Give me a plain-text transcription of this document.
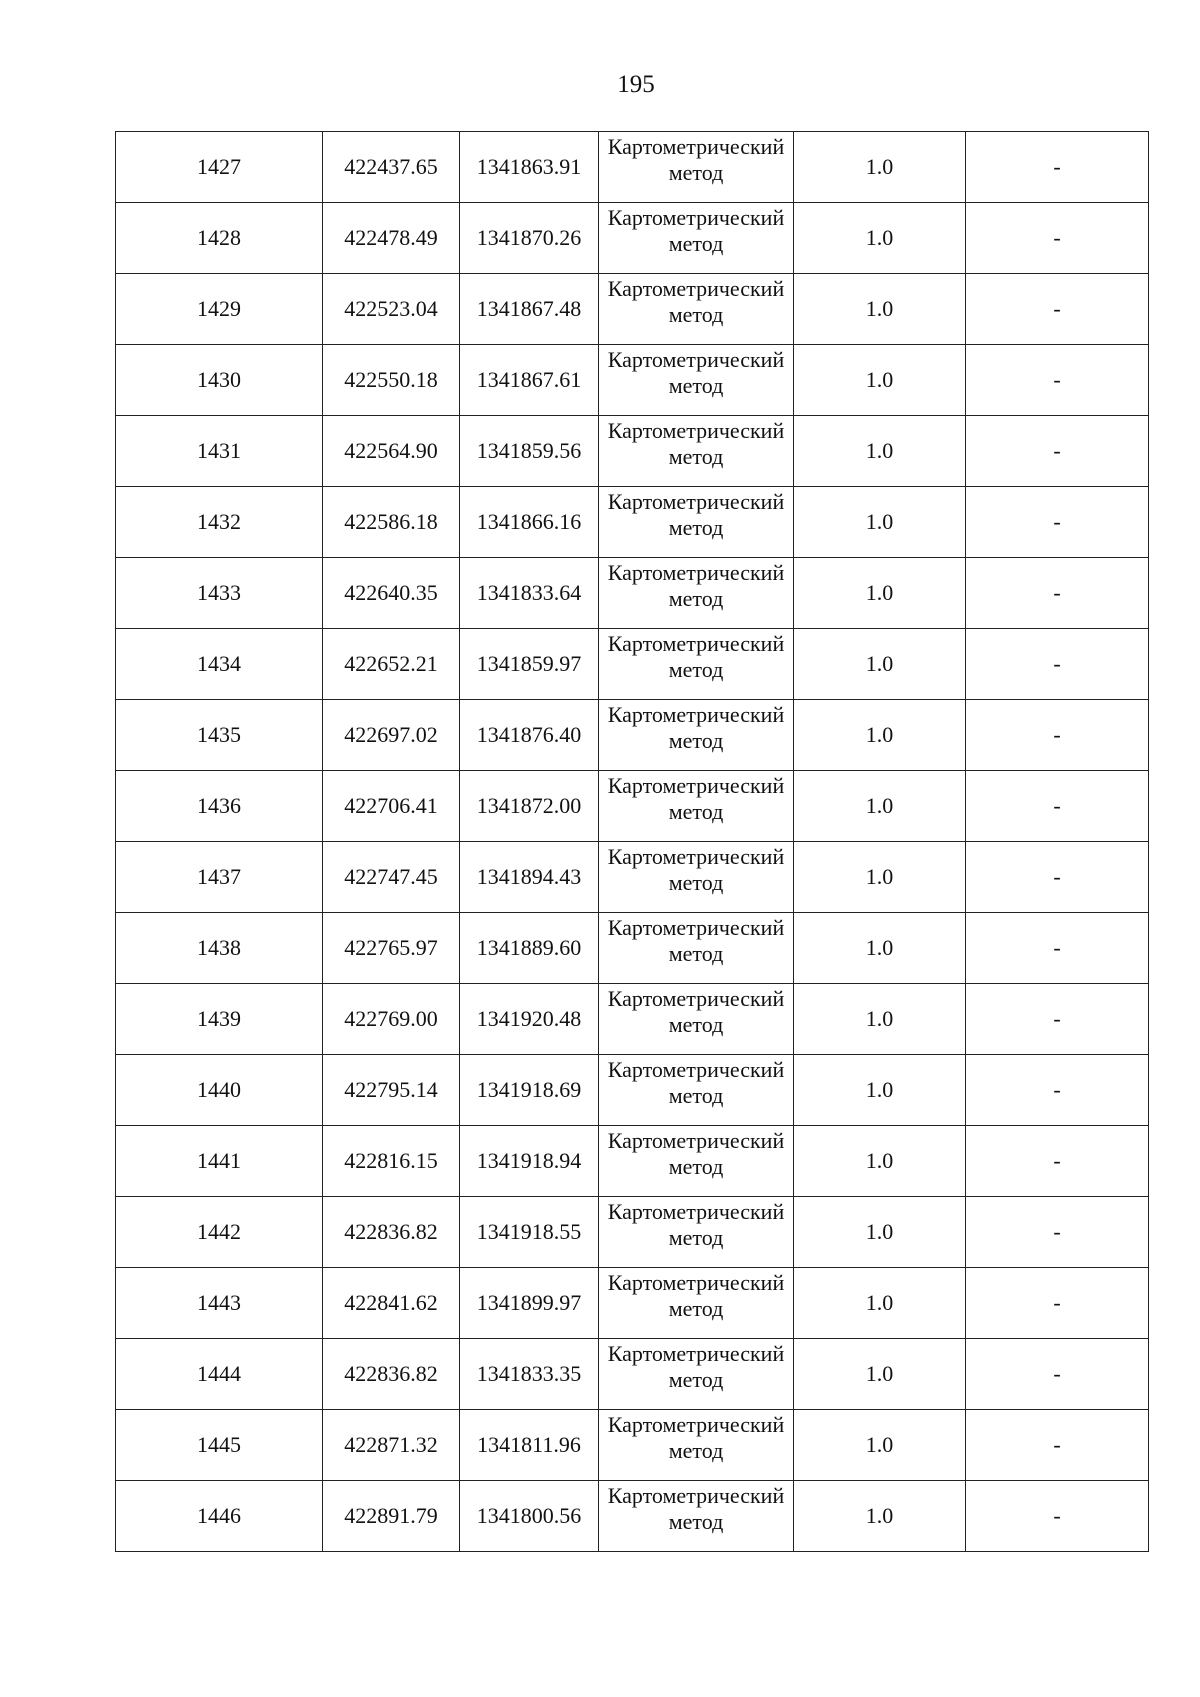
195
1427	422437.65	1341863.91	Картометрический метод	1.0	-
1428	422478.49	1341870.26	Картометрический метод	1.0	-
1429	422523.04	1341867.48	Картометрический метод	1.0	-
1430	422550.18	1341867.61	Картометрический метод	1.0	-
1431	422564.90	1341859.56	Картометрический метод	1.0	-
1432	422586.18	1341866.16	Картометрический метод	1.0	-
1433	422640.35	1341833.64	Картометрический метод	1.0	-
1434	422652.21	1341859.97	Картометрический метод	1.0	-
1435	422697.02	1341876.40	Картометрический метод	1.0	-
1436	422706.41	1341872.00	Картометрический метод	1.0	-
1437	422747.45	1341894.43	Картометрический метод	1.0	-
1438	422765.97	1341889.60	Картометрический метод	1.0	-
1439	422769.00	1341920.48	Картометрический метод	1.0	-
1440	422795.14	1341918.69	Картометрический метод	1.0	-
1441	422816.15	1341918.94	Картометрический метод	1.0	-
1442	422836.82	1341918.55	Картометрический метод	1.0	-
1443	422841.62	1341899.97	Картометрический метод	1.0	-
1444	422836.82	1341833.35	Картометрический метод	1.0	-
1445	422871.32	1341811.96	Картометрический метод	1.0	-
1446	422891.79	1341800.56	Картометрический метод	1.0	-
